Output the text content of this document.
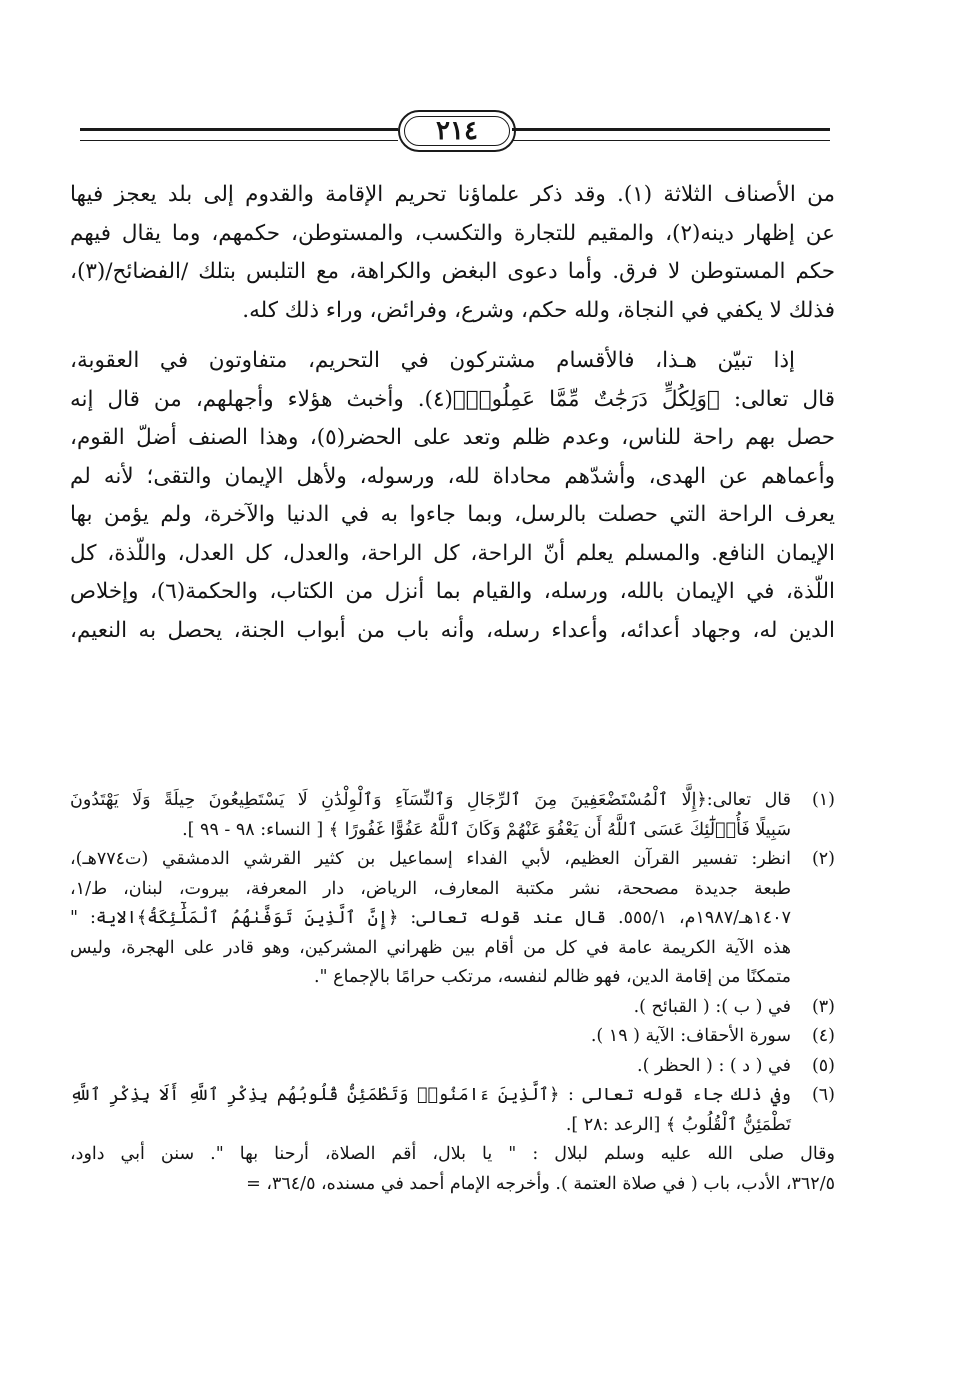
٢١٤

من الأصناف الثلاثة (١). وقد ذكر علماؤنا تحريم الإقامة والقدوم إلى بلد يعجز فيها

عن إظهار دينه(٢)، والمقيم للتجارة والتكسب، والمستوطن، حكمهم، وما يقال فيهم

حكم المستوطن لا فرق. وأما دعوى البغض والكراهة، مع التلبس بتلك /الفضائح/(٣)،

فذلك لا يكفي في النجاة، ولله حكم، وشرع، وفرائض، وراء ذلك كله.

إذا تبيّن هـذا، فالأقسام مشتركون في التحريم، متفاوتون في العقوبة،

قال تعالى: ﴿وَلِكُلٍّ دَرَجَٰتٌ مِّمَّا عَمِلُوا۟﴾(٤). وأخبث هؤلاء وأجهلهم، من قال إنه

حصل بهم راحة للناس، وعدم ظلم وتعد على الحضر(٥)، وهذا الصنف أضلّ القوم،

وأعماهم عن الهدى، وأشدّهم محاداة لله، ورسوله، ولأهل الإيمان والتقى؛ لأنه لم

يعرف الراحة التي حصلت بالرسل، وبما جاءوا به في الدنيا والآخرة، ولم يؤمن بها

الإيمان النافع. والمسلم يعلم أنّ الراحة، كل الراحة، والعدل، كل العدل، واللّذة، كل

اللّذة، في الإيمان بالله، ورسله، والقيام بما أنزل من الكتاب، والحكمة(٦)، وإخلاص

الدين له، وجهاد أعدائه، وأعداء رسله، وأنه باب من أبواب الجنة، يحصل به النعيم،

(١)

قال تعالى:﴿إِلَّا ٱلْمُسْتَضْعَفِينَ مِنَ ٱلرِّجَالِ وَٱلنِّسَآءِ وَٱلْوِلْدَٰنِ لَا يَسْتَطِيعُونَ حِيلَةً وَلَا يَهْتَدُونَ

سَبِيلًا فَأُو۟لَٰٓئِكَ عَسَى ٱللَّهُ أَن يَعْفُوَ عَنْهُمْ وَكَانَ ٱللَّهُ عَفُوًّا غَفُورًا ﴾ [ النساء: ٩٨ - ٩٩ ].

(٢)

انظر: تفسير القرآن العظيم، لأبي الفداء إسماعيل بن كثير القرشي الدمشقي (ت٧٧٤هـ)،

طبعة جديدة مصححة، نشر مكتبة المعارف، الرياض، دار المعرفة، بيروت، لبنان، ط/١،

١٤٠٧هـ/١٩٨٧م، ٥٥٥/١. قال عند قوله تعالى: ﴿إِنَّ ٱلَّذِينَ تَوَفَّىٰهُمُ ٱلْمَلَٰٓئِكَةُ﴾الاية: "

هذه الآية الكريمة عامة في كل من أقام بين ظهراني المشركين، وهو قادر على الهجرة، وليس

متمكنًا من إقامة الدين، فهو ظالم لنفسه، مرتكب حرامًا بالإجماع ".

(٣)

في ( ب ): ( القبائح ).

(٤)

سورة الأحقاف: الآية ( ١٩ ).

(٥)

في ( د ) : ( الحظر ).

(٦)

وفي ذلك جاء قوله تعالى : ﴿ٱلَّذِينَ ءَامَنُوا۟ وَتَطْمَئِنُّ قُلُوبُهُم بِذِكْرِ ٱللَّهِ أَلَا بِذِكْرِ ٱللَّهِ

تَطْمَئِنُّ ٱلْقُلُوبُ ﴾ [الرعد :٢٨ ].

وقال صلى الله عليه وسلم لبلال : " يا بلال، أقم الصلاة، أرحنا بها ". سنن أبي داود،

٣٦٢/٥، الأدب، باب ( في صلاة العتمة ). وأخرجه الإمام أحمد في مسنده، ٣٦٤/٥، =
